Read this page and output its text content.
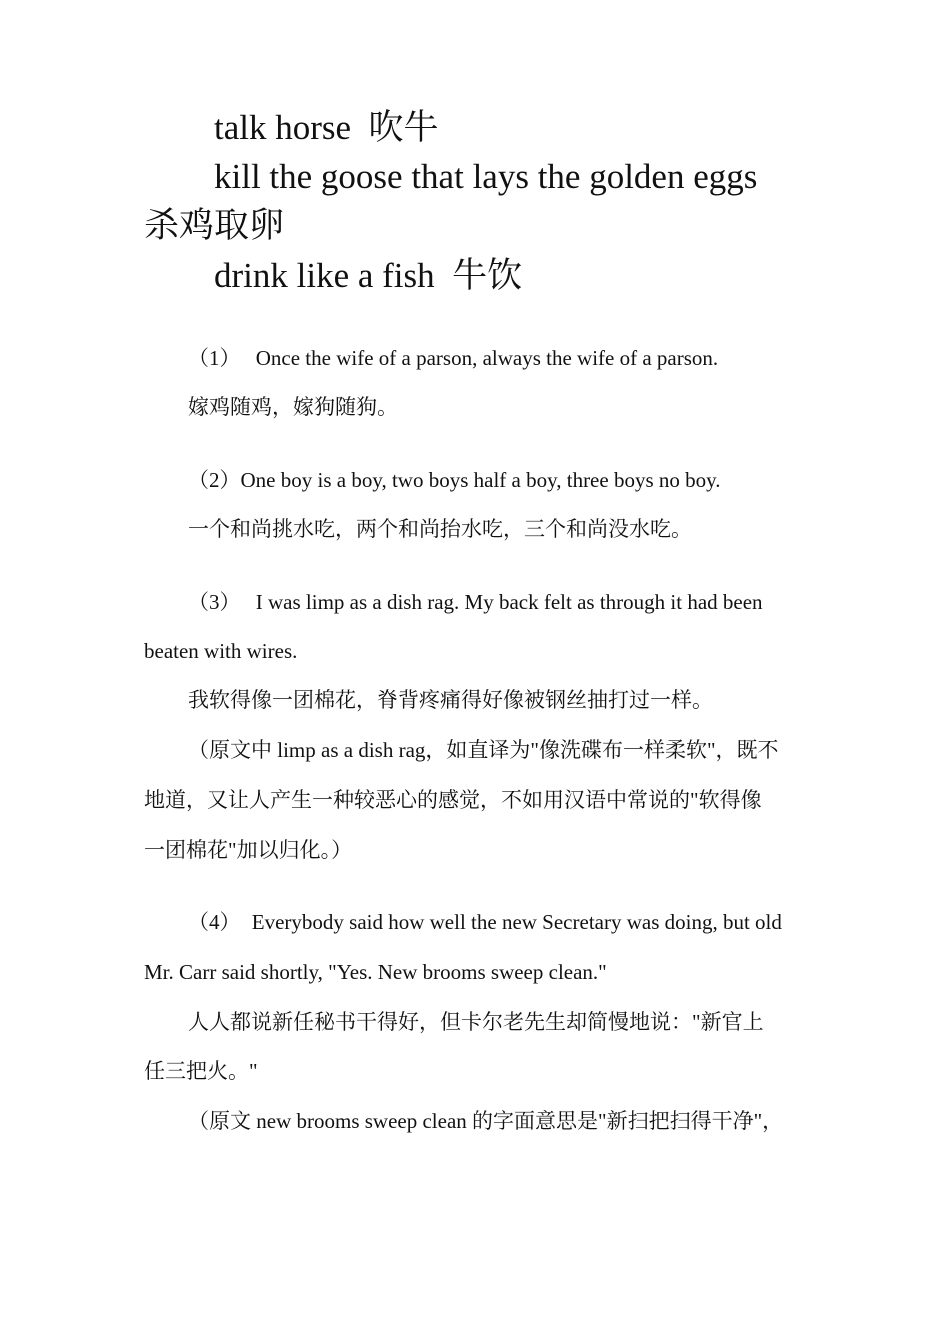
talk horse 吹牛
kill the goose that lays the golden eggs
杀鸡取卵
drink like a fish 牛饮
（1） Once the wife of a parson, always the wife of a parson.
嫁鸡随鸡，嫁狗随狗。
（2）One boy is a boy, two boys half a boy, three boys no boy.
一个和尚挑水吃，两个和尚抬水吃，三个和尚没水吃。
（3） I was limp as a dish rag. My back felt as through it had been
beaten with wires.
我软得像一团棉花，脊背疼痛得好像被钢丝抽打过一样。
（原文中 limp as a dish rag，如直译为"像洗碟布一样柔软"，既不
地道，又让人产生一种较恶心的感觉，不如用汉语中常说的"软得像
一团棉花"加以归化。）
（4） Everybody said how well the new Secretary was doing, but old
Mr. Carr said shortly, "Yes. New brooms sweep clean."
人人都说新任秘书干得好，但卡尔老先生却简慢地说："新官上
任三把火。"
（原文 new brooms sweep clean 的字面意思是"新扫把扫得干净"，
